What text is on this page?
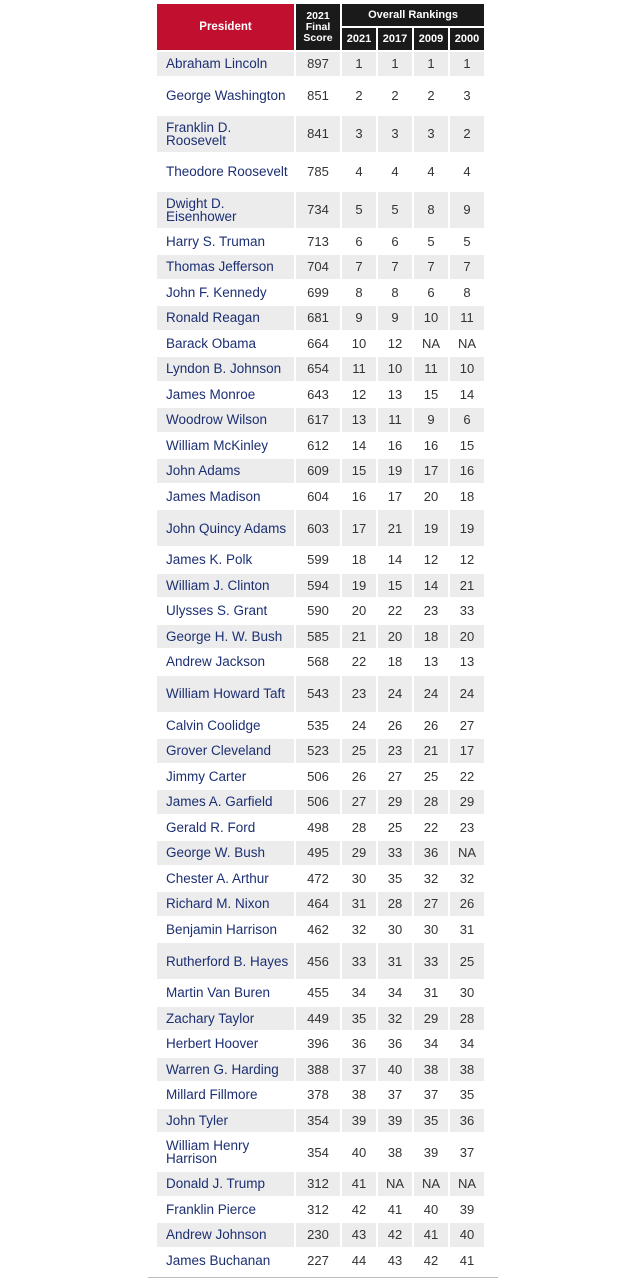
President	2021 Final Score	Overall Rankings			
		2021	2017	2009	2000
Abraham Lincoln	897	1	1	1	1
George Washington	851	2	2	2	3
Franklin D. Roosevelt	841	3	3	3	2
Theodore Roosevelt	785	4	4	4	4
Dwight D. Eisenhower	734	5	5	8	9
Harry S. Truman	713	6	6	5	5
Thomas Jefferson	704	7	7	7	7
John F. Kennedy	699	8	8	6	8
Ronald Reagan	681	9	9	10	11
Barack Obama	664	10	12	NA	NA
Lyndon B. Johnson	654	11	10	11	10
James Monroe	643	12	13	15	14
Woodrow Wilson	617	13	11	9	6
William McKinley	612	14	16	16	15
John Adams	609	15	19	17	16
James Madison	604	16	17	20	18
John Quincy Adams	603	17	21	19	19
James K. Polk	599	18	14	12	12
William J. Clinton	594	19	15	14	21
Ulysses S. Grant	590	20	22	23	33
George H. W. Bush	585	21	20	18	20
Andrew Jackson	568	22	18	13	13
William Howard Taft	543	23	24	24	24
Calvin Coolidge	535	24	26	26	27
Grover Cleveland	523	25	23	21	17
Jimmy Carter	506	26	27	25	22
James A. Garfield	506	27	29	28	29
Gerald R. Ford	498	28	25	22	23
George W. Bush	495	29	33	36	NA
Chester A. Arthur	472	30	35	32	32
Richard M. Nixon	464	31	28	27	26
Benjamin Harrison	462	32	30	30	31
Rutherford B. Hayes	456	33	31	33	25
Martin Van Buren	455	34	34	31	30
Zachary Taylor	449	35	32	29	28
Herbert Hoover	396	36	36	34	34
Warren G. Harding	388	37	40	38	38
Millard Fillmore	378	38	37	37	35
John Tyler	354	39	39	35	36
William Henry Harrison	354	40	38	39	37
Donald J. Trump	312	41	NA	NA	NA
Franklin Pierce	312	42	41	40	39
Andrew Johnson	230	43	42	41	40
James Buchanan	227	44	43	42	41
